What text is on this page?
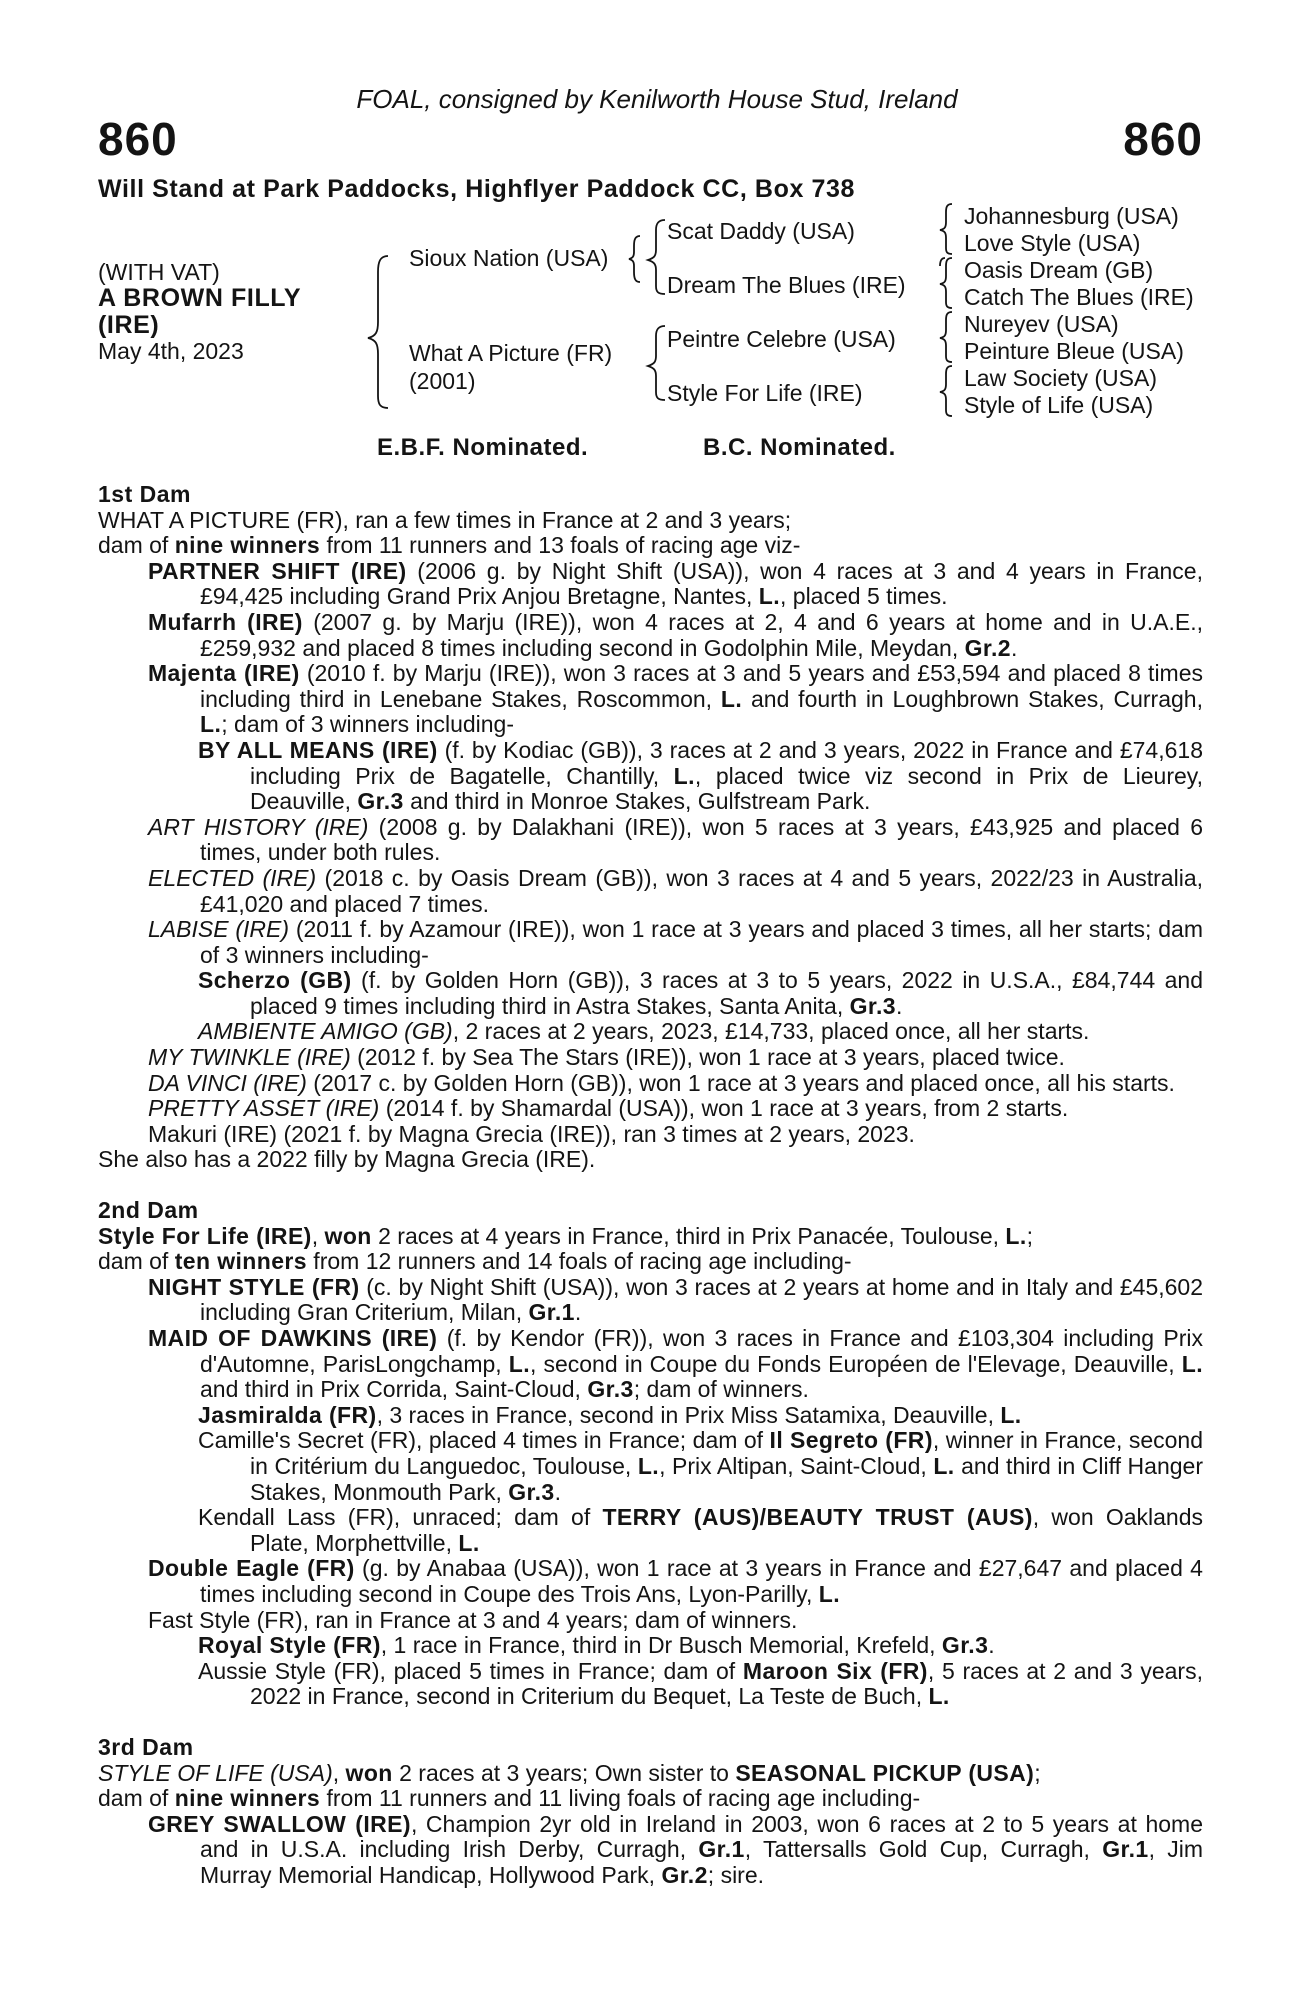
FOAL, consigned by Kenilworth House Stud, Ireland
860	860
Will Stand at Park Paddocks, Highflyer Paddock CC, Box 738
(WITH VAT)
A BROWN FILLY
(IRE)
May 4th, 2023
Sioux Nation (USA)
What A Picture (FR)
(2001)
Scat Daddy (USA)
Dream The Blues (IRE)
Peintre Celebre (USA)
Style For Life (IRE)
Johannesburg (USA)
Love Style (USA)
Oasis Dream (GB)
Catch The Blues (IRE)
Nureyev (USA)
Peinture Bleue (USA)
Law Society (USA)
Style of Life (USA)
E.B.F. Nominated.	B.C. Nominated.
1st Dam

WHAT A PICTURE (FR), ran a few times in France at 2 and 3 years;

dam of nine winners from 11 runners and 13 foals of racing age viz-

PARTNER SHIFT (IRE) (2006 g. by Night Shift (USA)), won 4 races at 3 and 4 years in France, £94,425 including Grand Prix Anjou Bretagne, Nantes, L., placed 5 times.

Mufarrh (IRE) (2007 g. by Marju (IRE)), won 4 races at 2, 4 and 6 years at home and in U.A.E., £259,932 and placed 8 times including second in Godolphin Mile, Meydan, Gr.2.

Majenta (IRE) (2010 f. by Marju (IRE)), won 3 races at 3 and 5 years and £53,594 and placed 8 times including third in Lenebane Stakes, Roscommon, L. and fourth in Loughbrown Stakes, Curragh, L.; dam of 3 winners including-

BY ALL MEANS (IRE) (f. by Kodiac (GB)), 3 races at 2 and 3 years, 2022 in France and £74,618 including Prix de Bagatelle, Chantilly, L., placed twice viz second in Prix de Lieurey, Deauville, Gr.3 and third in Monroe Stakes, Gulfstream Park.

ART HISTORY (IRE) (2008 g. by Dalakhani (IRE)), won 5 races at 3 years, £43,925 and placed 6 times, under both rules.

ELECTED (IRE) (2018 c. by Oasis Dream (GB)), won 3 races at 4 and 5 years, 2022/23 in Australia, £41,020 and placed 7 times.

LABISE (IRE) (2011 f. by Azamour (IRE)), won 1 race at 3 years and placed 3 times, all her starts; dam of 3 winners including-

Scherzo (GB) (f. by Golden Horn (GB)), 3 races at 3 to 5 years, 2022 in U.S.A., £84,744 and placed 9 times including third in Astra Stakes, Santa Anita, Gr.3.

AMBIENTE AMIGO (GB), 2 races at 2 years, 2023, £14,733, placed once, all her starts.

MY TWINKLE (IRE) (2012 f. by Sea The Stars (IRE)), won 1 race at 3 years, placed twice.

DA VINCI (IRE) (2017 c. by Golden Horn (GB)), won 1 race at 3 years and placed once, all his starts.

PRETTY ASSET (IRE) (2014 f. by Shamardal (USA)), won 1 race at 3 years, from 2 starts.

Makuri (IRE) (2021 f. by Magna Grecia (IRE)), ran 3 times at 2 years, 2023.

She also has a 2022 filly by Magna Grecia (IRE).

2nd Dam

Style For Life (IRE), won 2 races at 4 years in France, third in Prix Panacée, Toulouse, L.;

dam of ten winners from 12 runners and 14 foals of racing age including-

NIGHT STYLE (FR) (c. by Night Shift (USA)), won 3 races at 2 years at home and in Italy and £45,602 including Gran Criterium, Milan, Gr.1.

MAID OF DAWKINS (IRE) (f. by Kendor (FR)), won 3 races in France and £103,304 including Prix d'Automne, ParisLongchamp, L., second in Coupe du Fonds Européen de l'Elevage, Deauville, L. and third in Prix Corrida, Saint-Cloud, Gr.3; dam of winners.

Jasmiralda (FR), 3 races in France, second in Prix Miss Satamixa, Deauville, L.

Camille's Secret (FR), placed 4 times in France; dam of Il Segreto (FR), winner in France, second in Critérium du Languedoc, Toulouse, L., Prix Altipan, Saint-Cloud, L. and third in Cliff Hanger Stakes, Monmouth Park, Gr.3.

Kendall Lass (FR), unraced; dam of TERRY (AUS)/BEAUTY TRUST (AUS), won Oaklands Plate, Morphettville, L.

Double Eagle (FR) (g. by Anabaa (USA)), won 1 race at 3 years in France and £27,647 and placed 4 times including second in Coupe des Trois Ans, Lyon-Parilly, L.

Fast Style (FR), ran in France at 3 and 4 years; dam of winners.

Royal Style (FR), 1 race in France, third in Dr Busch Memorial, Krefeld, Gr.3.

Aussie Style (FR), placed 5 times in France; dam of Maroon Six (FR), 5 races at 2 and 3 years, 2022 in France, second in Criterium du Bequet, La Teste de Buch, L.

3rd Dam

STYLE OF LIFE (USA), won 2 races at 3 years; Own sister to SEASONAL PICKUP (USA);

dam of nine winners from 11 runners and 11 living foals of racing age including-

GREY SWALLOW (IRE), Champion 2yr old in Ireland in 2003, won 6 races at 2 to 5 years at home and in U.S.A. including Irish Derby, Curragh, Gr.1, Tattersalls Gold Cup, Curragh, Gr.1, Jim Murray Memorial Handicap, Hollywood Park, Gr.2; sire.
